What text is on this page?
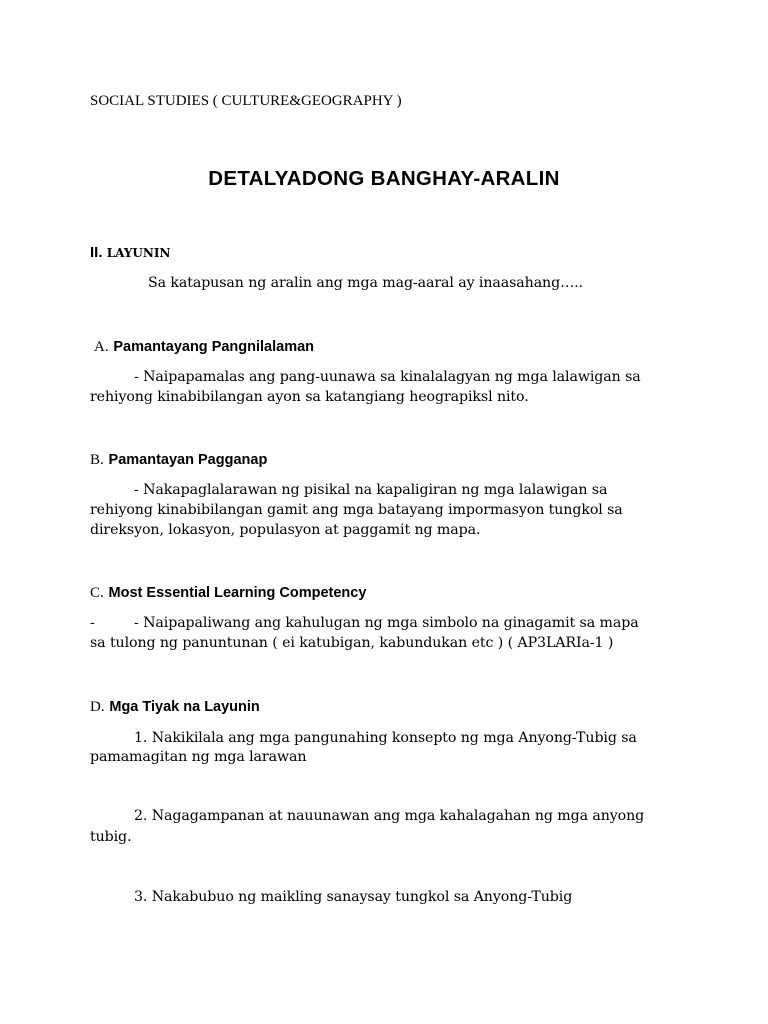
SOCIAL STUDIES ( CULTURE&GEOGRAPHY )
DETALYADONG BANGHAY-ARALIN
II. LAYUNIN
Sa katapusan ng aralin ang mga mag-aaral ay inaasahang…..
A. Pamantayang Pangnilalaman
- Naipapamalas ang pang-uunawa sa kinalalagyan ng mga lalawigan sa
rehiyong kinabibilangan ayon sa katangiang heograpiksl nito.
B. Pamantayan Pagganap
- Nakapaglalarawan ng pisikal na kapaligiran ng mga lalawigan sa
rehiyong kinabibilangan gamit ang mga batayang impormasyon tungkol sa
direksyon, lokasyon, populasyon at paggamit ng mapa.
C. Most Essential Learning Competency
-	- Naipapaliwang ang kahulugan ng mga simbolo na ginagamit sa mapa
sa tulong ng panuntunan ( ei katubigan, kabundukan etc ) ( AP3LARIa-1 )
D. Mga Tiyak na Layunin
1. Nakikilala ang mga pangunahing konsepto ng mga Anyong-Tubig sa
pamamagitan ng mga larawan
2. Nagagampanan at nauunawan ang mga kahalagahan ng mga anyong
tubig.
3. Nakabubuo ng maikling sanaysay tungkol sa Anyong-Tubig
